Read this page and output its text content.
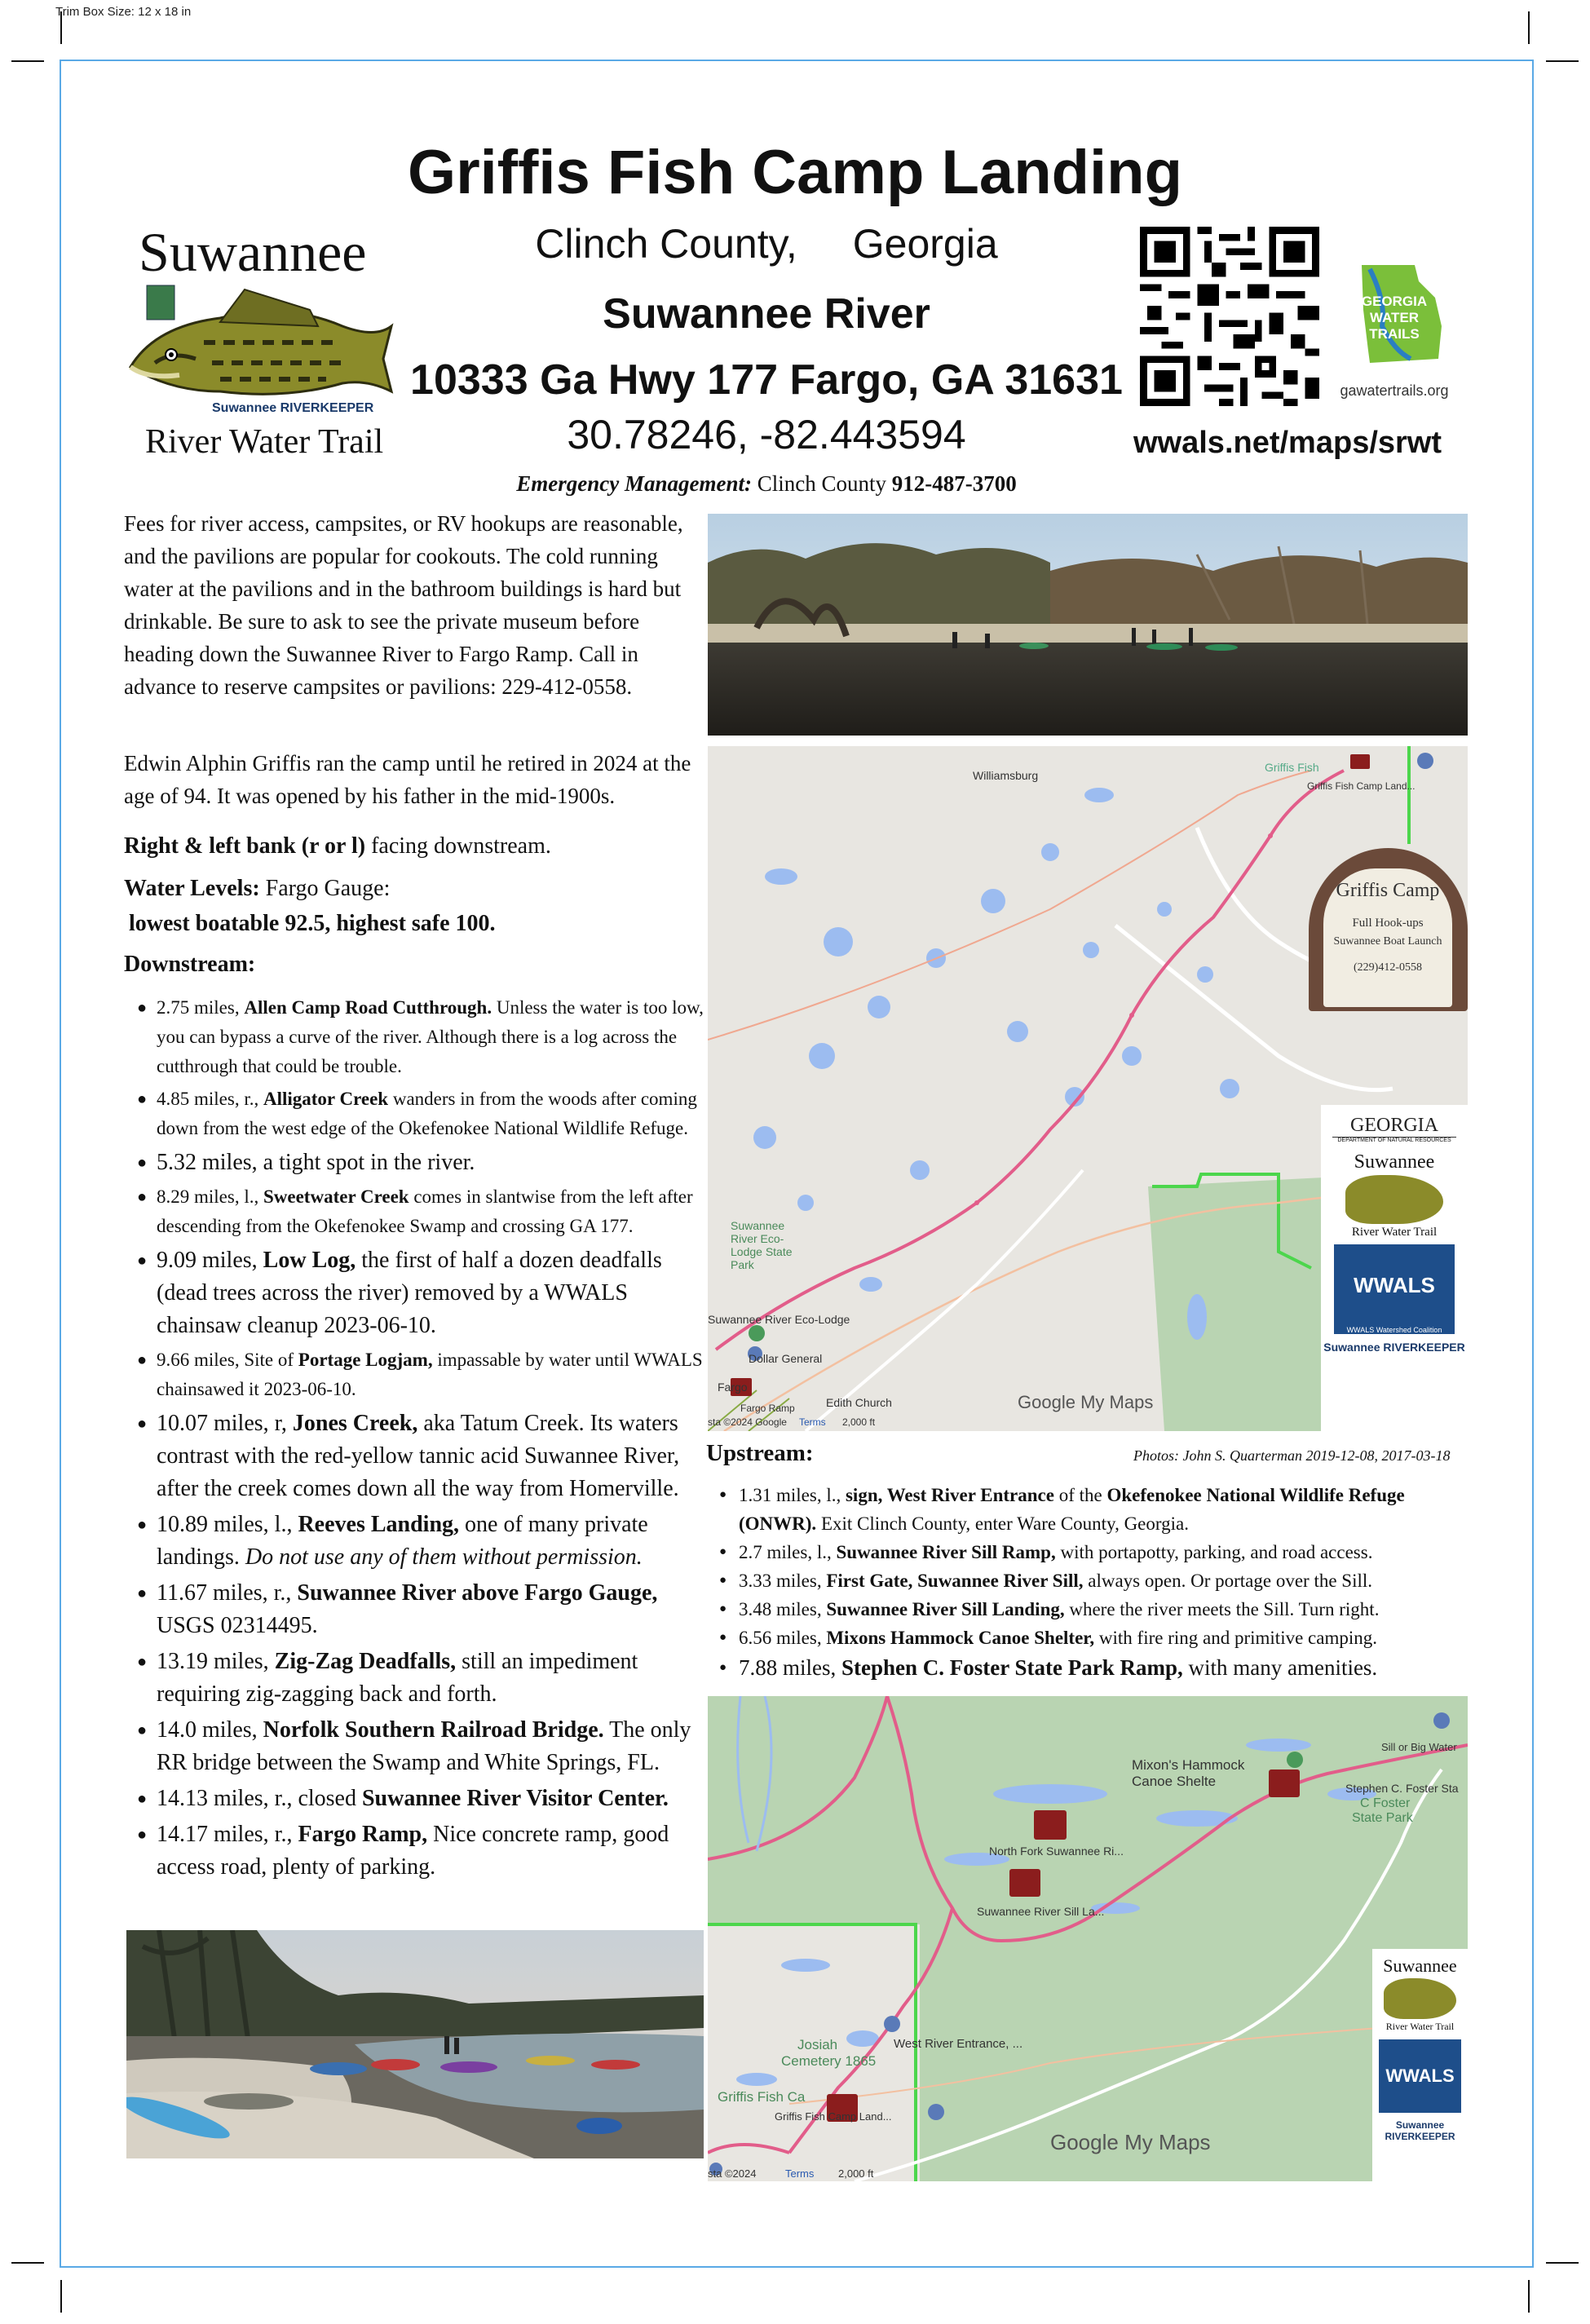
Trim Box Size: 12 x 18 in
Griffis Fish Camp Landing
Clinch County, Georgia
Suwannee River
10333 Ga Hwy 177 Fargo, GA 31631
30.78246, -82.443594
Emergency Management: Clinch County 912-487-3700
Suwannee
Suwannee RIVERKEEPER
River Water Trail
GEORGIA
WATER
TRAILS
gawatertrails.org
wwals.net/maps/srwt
Fees for river access, campsites, or RV hookups are reasonable, and the pavilions are popular for cookouts. The cold running water at the pavilions and in the bathroom buildings is hard but drinkable. Be sure to ask to see the private museum before heading down the Suwannee River to Fargo Ramp. Call in advance to reserve campsites or pavilions: 229-412-0558.
Edwin Alphin Griffis ran the camp until he retired in 2024 at the age of 94. It was opened by his father in the mid-1900s.
Right & left bank (r or l) facing downstream.
Water Levels: Fargo Gauge:
lowest boatable 92.5, highest safe 100.
Downstream:
● 2.75 miles, Allen Camp Road Cutthrough. Unless the water is too low, you can bypass a curve of the river. Although there is a log across the cutthrough that could be trouble.
● 4.85 miles, r., Alligator Creek wanders in from the woods after coming down from the west edge of the Okefenokee National Wildlife Refuge.
● 5.32 miles, a tight spot in the river.
● 8.29 miles, l., Sweetwater Creek comes in slantwise from the left after descending from the Okefenokee Swamp and crossing GA 177.
● 9.09 miles, Low Log, the first of half a dozen deadfalls (dead trees across the river) removed by a WWALS chainsaw cleanup 2023-06-10.
● 9.66 miles, Site of Portage Logjam, impassable by water until WWALS chainsawed it 2023-06-10.
● 10.07 miles, r, Jones Creek, aka Tatum Creek. Its waters contrast with the red-yellow tannic acid Suwannee River, after the creek comes down all the way from Homerville.
● 10.89 miles, l., Reeves Landing, one of many private landings. Do not use any of them without permission.
● 11.67 miles, r., Suwannee River above Fargo Gauge, USGS 02314495.
● 13.19 miles, Zig-Zag Deadfalls, still an impediment requiring zig-zagging back and forth.
● 14.0 miles, Norfolk Southern Railroad Bridge. The only RR bridge between the Swamp and White Springs, FL.
● 14.13 miles, r., closed Suwannee River Visitor Center.
● 14.17 miles, r., Fargo Ramp, Nice concrete ramp, good access road, plenty of parking.
Williamsburg
Griffis Fish
Griffis Fish Camp Land...
Suwannee River Eco-Lodge State Park
Suwannee River Eco-Lodge
Dollar General
Fargo
Fargo Ramp	Edith Church
sta ©2024 Google Terms 2,000 ft
Google My Maps
Griffis Camp
Full Hook-ups
Suwannee Boat Launch
(229)412-0558
GEORGIA
DEPARTMENT OF NATURAL RESOURCES
Suwannee
River Water Trail
WWALS
WWALS Watershed Coalition
Suwannee RIVERKEEPER
Upstream:	Photos: John S. Quarterman 2019-12-08, 2017-03-18
● 1.31 miles, l., sign, West River Entrance of the Okefenokee National Wildlife Refuge (ONWR). Exit Clinch County, enter Ware County, Georgia.
● 2.7 miles, l., Suwannee River Sill Ramp, with portapotty, parking, and road access.
● 3.33 miles, First Gate, Suwannee River Sill, always open. Or portage over the Sill.
● 3.48 miles, Suwannee River Sill Landing, where the river meets the Sill. Turn right.
● 6.56 miles, Mixons Hammock Canoe Shelter, with fire ring and primitive camping.
● 7.88 miles, Stephen C. Foster State Park Ramp, with many amenities.
Mixon's Hammock Canoe Shelte
Sill or Big Water
Stephen C. Foster Sta
C Foster
State Park
North Fork Suwannee Ri...
Suwannee River Sill La...
Josiah
Cemetery 1865
West River Entrance, ...
Griffis Fish Ca
Griffis Fish Camp Land...
sta ©2024	Terms 2,000 ft
Google My Maps
Suwannee
River Water Trail
WWALS
Suwannee RIVERKEEPER
